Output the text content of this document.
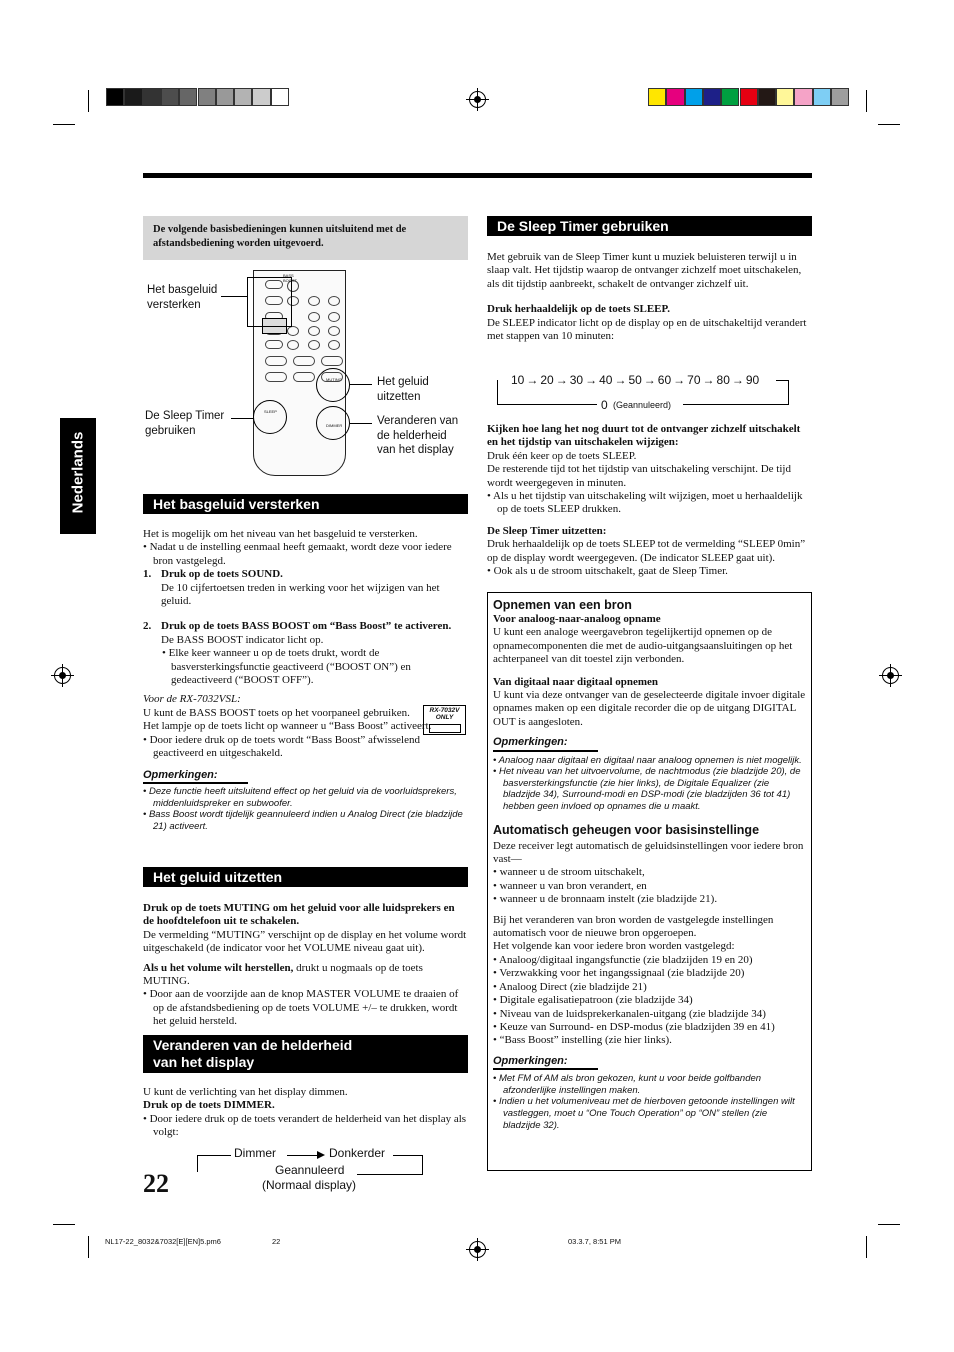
Nederlands
De volgende basisbedieningen kunnen uitsluitend met de afstandsbediening worden uitgevoerd.
BASS BOOST
MUTING
SLEEP
DIMMER
Het basgeluid versterken
Het geluid uitzetten
De Sleep Timer gebruiken
Veranderen van de helderheid van het display
Het basgeluid versterken

Het is mogelijk om het niveau van het basgeluid te versterken.

• Nadat u de instelling eenmaal heeft gemaakt, wordt deze voor iedere bron vastgelegd.

1. Druk op de toets SOUND.

De 10 cijfertoetsen treden in werking voor het wijzigen van het geluid.

2. Druk op de toets BASS BOOST om “Bass Boost” te activeren.

De BASS BOOST indicator licht op.

• Elke keer wanneer u op de toets drukt, wordt de basversterkingsfunctie geactiveerd (“BOOST ON”) en gedeactiveerd (“BOOST OFF”).

Voor de RX-7032VSL:

U kunt de BASS BOOST toets op het voorpaneel gebruiken.

Het lampje op de toets licht op wanneer u “Bass Boost” activeert.

• Door iedere druk op de toets wordt “Bass Boost” afwisselend geactiveerd en uitgeschakeld.

Opmerkingen:

• Deze functie heeft uitsluitend effect op het geluid via de voorluidsprekers, middenluidspreker en subwoofer.

• Bass Boost wordt tijdelijk geannuleerd indien u Analog Direct (zie bladzijde 21) activeert.

RX-7032V
ONLY
Het geluid uitzetten

Druk op de toets MUTING om het geluid voor alle luidsprekers en de hoofdtelefoon uit te schakelen.

De vermelding “MUTING” verschijnt op de display en het volume wordt uitgeschakeld (de indicator voor het VOLUME niveau gaat uit).

Als u het volume wilt herstellen, drukt u nogmaals op de toets MUTING.

• Door aan de voorzijde aan de knop MASTER VOLUME te draaien of op de afstandsbediening op de toets VOLUME +/– te drukken, wordt het geluid hersteld.

Veranderen van de helderheid
van het display

U kunt de verlichting van het display dimmen.

Druk op de toets DIMMER.

• Door iedere druk op de toets verandert de helderheid van het display als volgt:

Dimmer	Donkerder
Geannuleerd
(Normaal display)
De Sleep Timer gebruiken

Met gebruik van de Sleep Timer kunt u muziek beluisteren terwijl u in slaap valt. Het tijdstip waarop de ontvanger zichzelf moet uitschakelen, als dit tijdstip aanbreekt, schakelt de ontvanger zichzelf uit.

Druk herhaaldelijk op de toets SLEEP.

De SLEEP indicator licht op de display op en de uitschakeltijd verandert met stappen van 10 minuten:

10 → 20 → 30 → 40 → 50 → 60 → 70 → 80 → 90
0 (Geannuleerd)

Kijken hoe lang het nog duurt tot de ontvanger zichzelf uitschakelt en het tijdstip van uitschakelen wijzigen:

Druk één keer op de toets SLEEP.

De resterende tijd tot het tijdstip van uitschakeling verschijnt. De tijd wordt weergegeven in minuten.

• Als u het tijdstip van uitschakeling wilt wijzigen, moet u herhaaldelijk op de toets SLEEP drukken.

De Sleep Timer uitzetten:

Druk herhaaldelijk op de toets SLEEP tot de vermelding “SLEEP 0min” op de display wordt weergegeven. (De indicator SLEEP gaat uit).

• Ook als u de stroom uitschakelt, gaat de Sleep Timer.

Opnemen van een bron

Voor analoog-naar-analoog opname

U kunt een analoge weergavebron tegelijkertijd opnemen op de opnamecomponenten die met de audio-uitgangsaansluitingen op het achterpaneel van dit toestel zijn verbonden.

Van digitaal naar digitaal opnemen

U kunt via deze ontvanger van de geselecteerde digitale invoer digitale opnames maken op een digitale recorder die op de uitgang DIGITAL OUT is aangesloten.

Opmerkingen:

• Analoog naar digitaal en digitaal naar analoog opnemen is niet mogelijk.

• Het niveau van het uitvoervolume, de nachtmodus (zie bladzijde 20), de basversterkingsfunctie (zie hier links), de Digitale Equalizer (zie bladzijde 34), Surround-modi en DSP-modi (zie bladzijden 36 tot 41) hebben geen invloed op opnames die u maakt.

Automatisch geheugen voor basisinstellinge

Deze receiver legt automatisch de geluidsinstellingen voor iedere bron vast—

• wanneer u de stroom uitschakelt,

• wanneer u van bron verandert, en

• wanneer u de bronnaam instelt (zie bladzijde 21).

Bij het veranderen van bron worden de vastgelegde instellingen automatisch voor de nieuwe bron opgeroepen.

Het volgende kan voor iedere bron worden vastgelegd:

• Analoog/digitaal ingangsfunctie (zie bladzijden 19 en 20)

• Verzwakking voor het ingangssignaal (zie bladzijde 20)

• Analoog Direct (zie bladzijde 21)

• Digitale egalisatiepatroon (zie bladzijde 34)

• Niveau van de luidsprekerkanalen-uitgang (zie bladzijde 34)

• Keuze van Surround- en DSP-modus (zie bladzijden 39 en 41)

• “Bass Boost” instelling (zie hier links).

Opmerkingen:

• Met FM of AM als bron gekozen, kunt u voor beide golfbanden afzonderlijke instellingen maken.

• Indien u het volumeniveau met de hierboven getoonde instellingen wilt vastleggen, moet u “One Touch Operation” op “ON” stellen (zie bladzijde 32).

22
NL17-22_8032&7032[E][EN]5.pm6	22	03.3.7, 8:51 PM
